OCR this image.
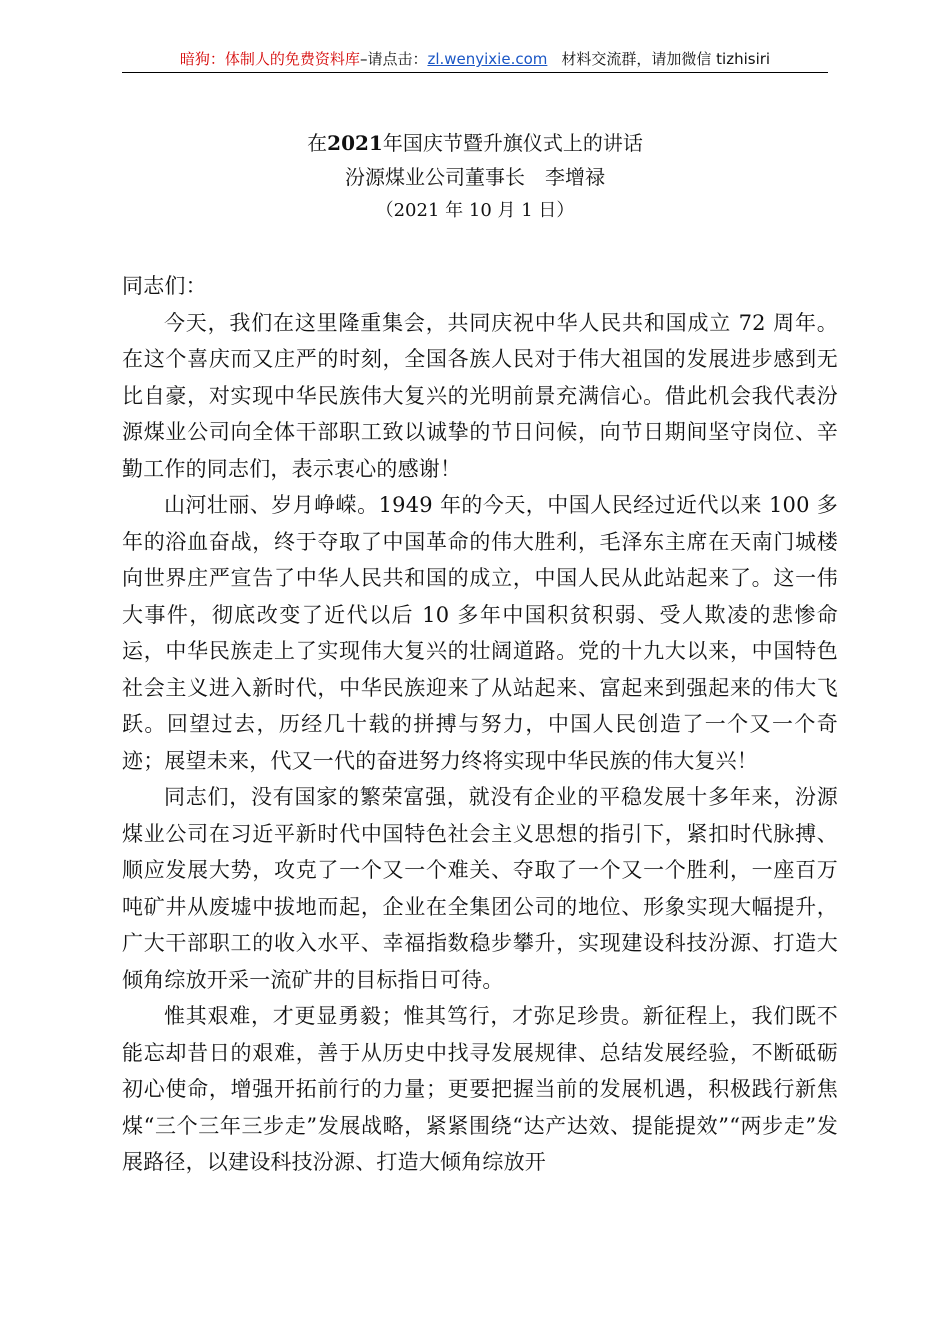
暗狗：体制人的免费资料库–请点击：zl.wenyixie.com 材料交流群，请加微信 tizhisiri
在2021年国庆节暨升旗仪式上的讲话
汾源煤业公司董事长　李增禄
（2021 年 10 月 1 日）

同志们：

今天，我们在这里隆重集会，共同庆祝中华人民共和国成立 72 周年。在这个喜庆而又庄严的时刻，全国各族人民对于伟大祖国的发展进步感到无比自豪，对实现中华民族伟大复兴的光明前景充满信心。借此机会我代表汾源煤业公司向全体干部职工致以诚挚的节日问候，向节日期间坚守岗位、辛勤工作的同志们，表示衷心的感谢！

山河壮丽、岁月峥嵘。1949 年的今天，中国人民经过近代以来 100 多年的浴血奋战，终于夺取了中国革命的伟大胜利，毛泽东主席在天南门城楼向世界庄严宣告了中华人民共和国的成立，中国人民从此站起来了。这一伟大事件，彻底改变了近代以后 10 多年中国积贫积弱、受人欺凌的悲惨命运，中华民族走上了实现伟大复兴的壮阔道路。党的十九大以来，中国特色社会主义进入新时代，中华民族迎来了从站起来、富起来到强起来的伟大飞跃。回望过去，历经几十载的拼搏与努力，中国人民创造了一个又一个奇迹；展望未来，代又一代的奋进努力终将实现中华民族的伟大复兴！

同志们，没有国家的繁荣富强，就没有企业的平稳发展十多年来，汾源煤业公司在习近平新时代中国特色社会主义思想的指引下，紧扣时代脉搏、顺应发展大势，攻克了一个又一个难关、夺取了一个又一个胜利，一座百万吨矿井从废墟中拔地而起，企业在全集团公司的地位、形象实现大幅提升，广大干部职工的收入水平、幸福指数稳步攀升，实现建设科技汾源、打造大倾角综放开采一流矿井的目标指日可待。

惟其艰难，才更显勇毅；惟其笃行，才弥足珍贵。新征程上，我们既不能忘却昔日的艰难，善于从历史中找寻发展规律、总结发展经验，不断砥砺初心使命，增强开拓前行的力量；更要把握当前的发展机遇，积极践行新焦煤“三个三年三步走”发展战略，紧紧围绕“达产达效、提能提效”“两步走”发展路径，以建设科技汾源、打造大倾角综放开
